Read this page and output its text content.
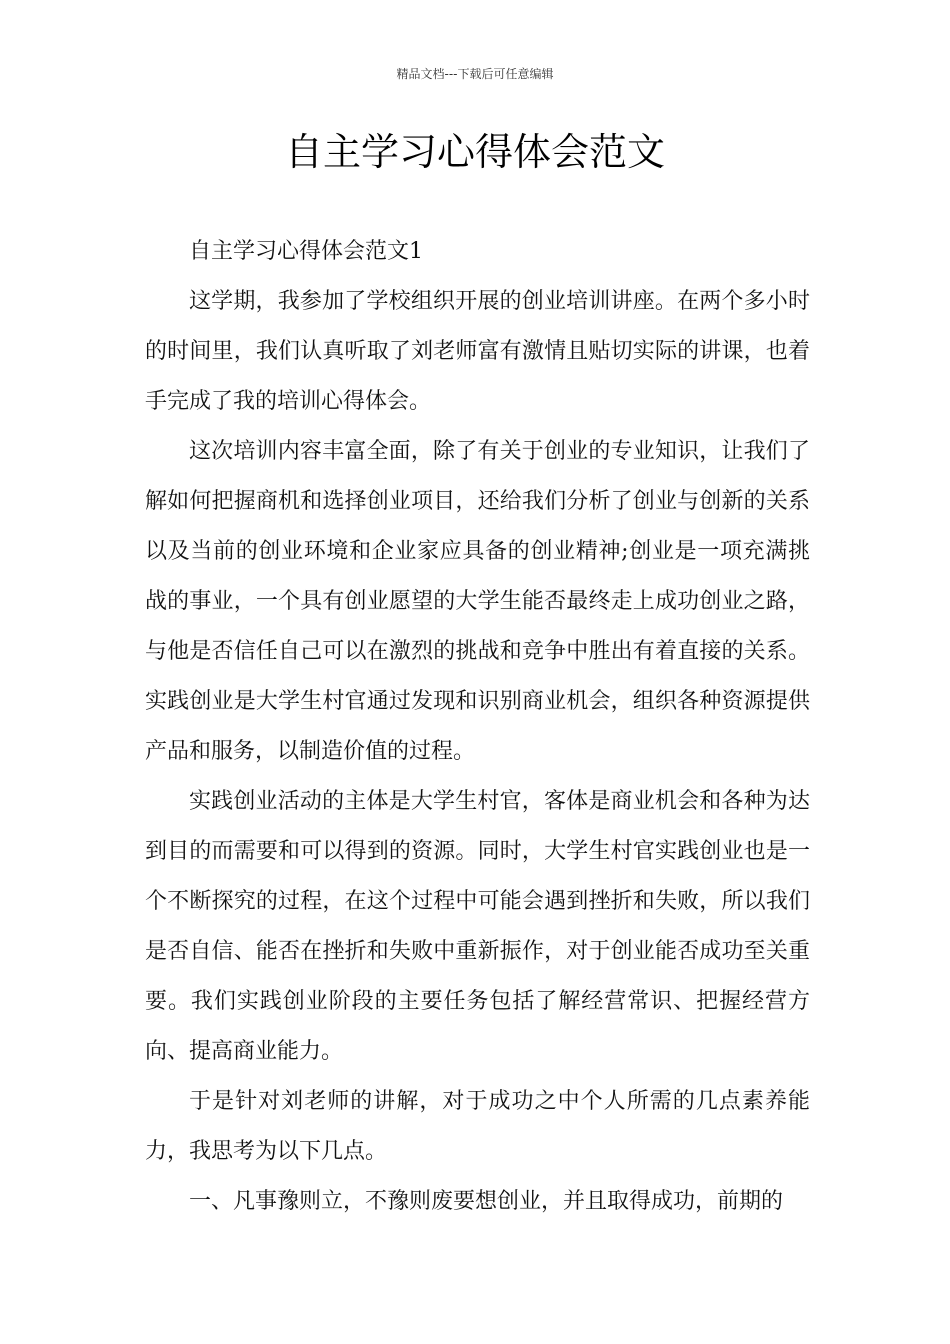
精品文档---下载后可任意编辑
自主学习心得体会范文

自主学习心得体会范文1

这学期，我参加了学校组织开展的创业培训讲座。在两个多小时的时间里，我们认真听取了刘老师富有激情且贴切实际的讲课，也着手完成了我的培训心得体会。

这次培训内容丰富全面，除了有关于创业的专业知识，让我们了解如何把握商机和选择创业项目，还给我们分析了创业与创新的关系以及当前的创业环境和企业家应具备的创业精神;创业是一项充满挑战的事业，一个具有创业愿望的大学生能否最终走上成功创业之路，与他是否信任自己可以在激烈的挑战和竞争中胜出有着直接的关系。实践创业是大学生村官通过发现和识别商业机会，组织各种资源提供产品和服务，以制造价值的过程。

实践创业活动的主体是大学生村官，客体是商业机会和各种为达到目的而需要和可以得到的资源。同时，大学生村官实践创业也是一个不断探究的过程，在这个过程中可能会遇到挫折和失败，所以我们是否自信、能否在挫折和失败中重新振作，对于创业能否成功至关重要。我们实践创业阶段的主要任务包括了解经营常识、把握经营方向、提高商业能力。

于是针对刘老师的讲解，对于成功之中个人所需的几点素养能力，我思考为以下几点。

一、凡事豫则立，不豫则废要想创业，并且取得成功，前期的
